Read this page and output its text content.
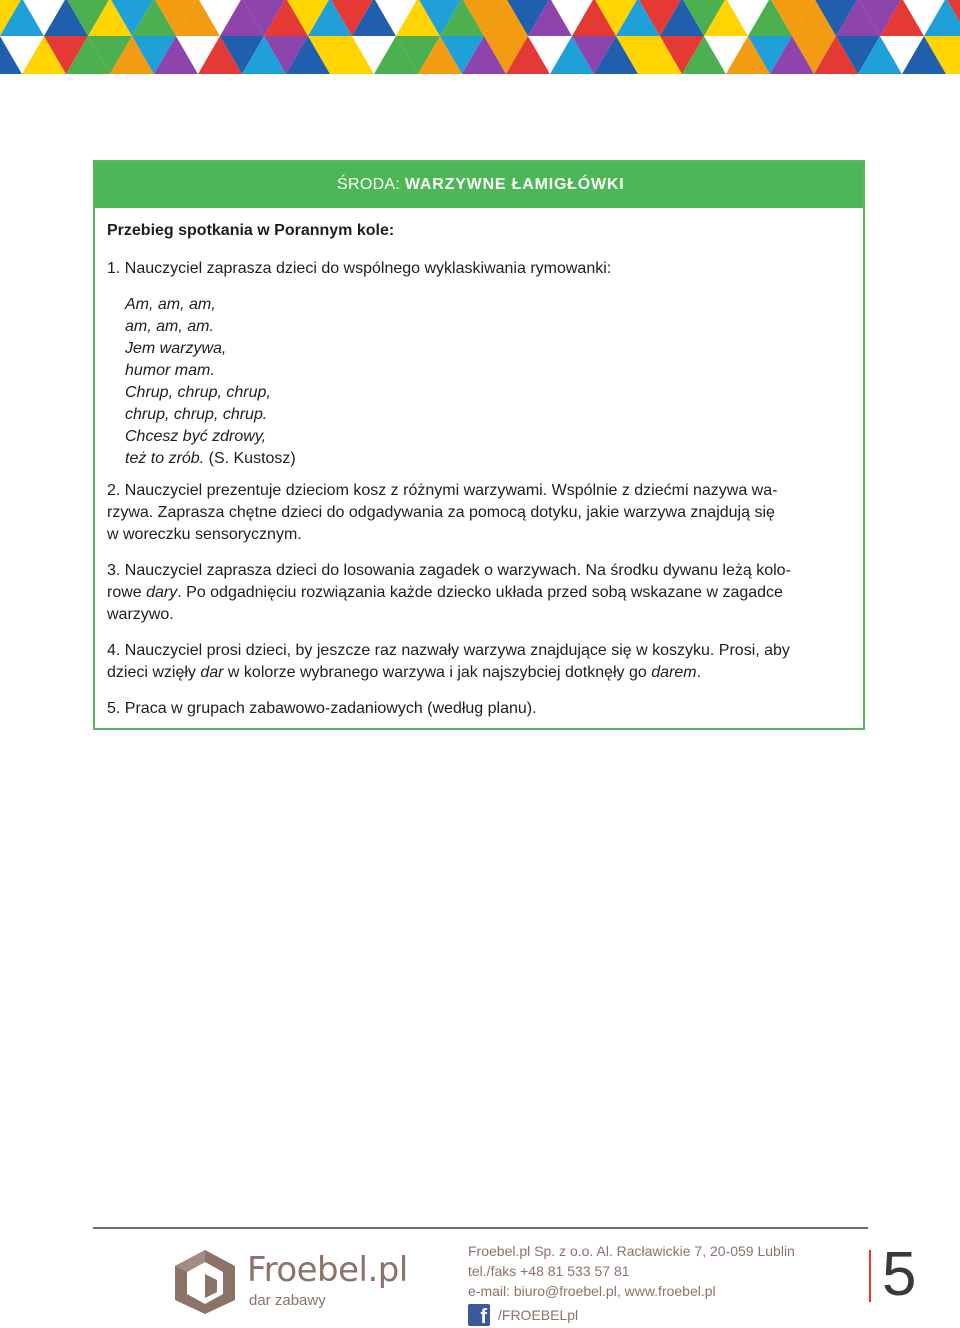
ŚRODA: WARZYWNE ŁAMIGŁÓWKI
Przebieg spotkania w Porannym kole:
1. Nauczyciel zaprasza dzieci do wspólnego wyklaskiwania rymowanki:
Am, am, am,
am, am, am.
Jem warzywa,
humor mam.
Chrup, chrup, chrup,
chrup, chrup, chrup.
Chcesz być zdrowy,
też to zrób. (S. Kustosz)
2. Nauczyciel prezentuje dzieciom kosz z różnymi warzywami. Wspólnie z dziećmi nazywa wa-
rzywa. Zaprasza chętne dzieci do odgadywania za pomocą dotyku, jakie warzywa znajdują się
w woreczku sensorycznym.
3. Nauczyciel zaprasza dzieci do losowania zagadek o warzywach. Na środku dywanu leżą kolo-
rowe dary. Po odgadnięciu rozwiązania każde dziecko układa przed sobą wskazane w zagadce
warzywo.
4. Nauczyciel prosi dzieci, by jeszcze raz nazwały warzywa znajdujące się w koszyku. Prosi, aby
dzieci wzięły dar w kolorze wybranego warzywa i jak najszybciej dotknęły go darem.
5. Praca w grupach zabawowo-zadaniowych (według planu).
Froebel.pl
dar zabawy
Froebel.pl Sp. z o.o. Al. Racławickie 7, 20-059 Lublin
tel./faks +48 81 533 57 81
e-mail: biuro@froebel.pl, www.froebel.pl
f /FROEBELpl
5
